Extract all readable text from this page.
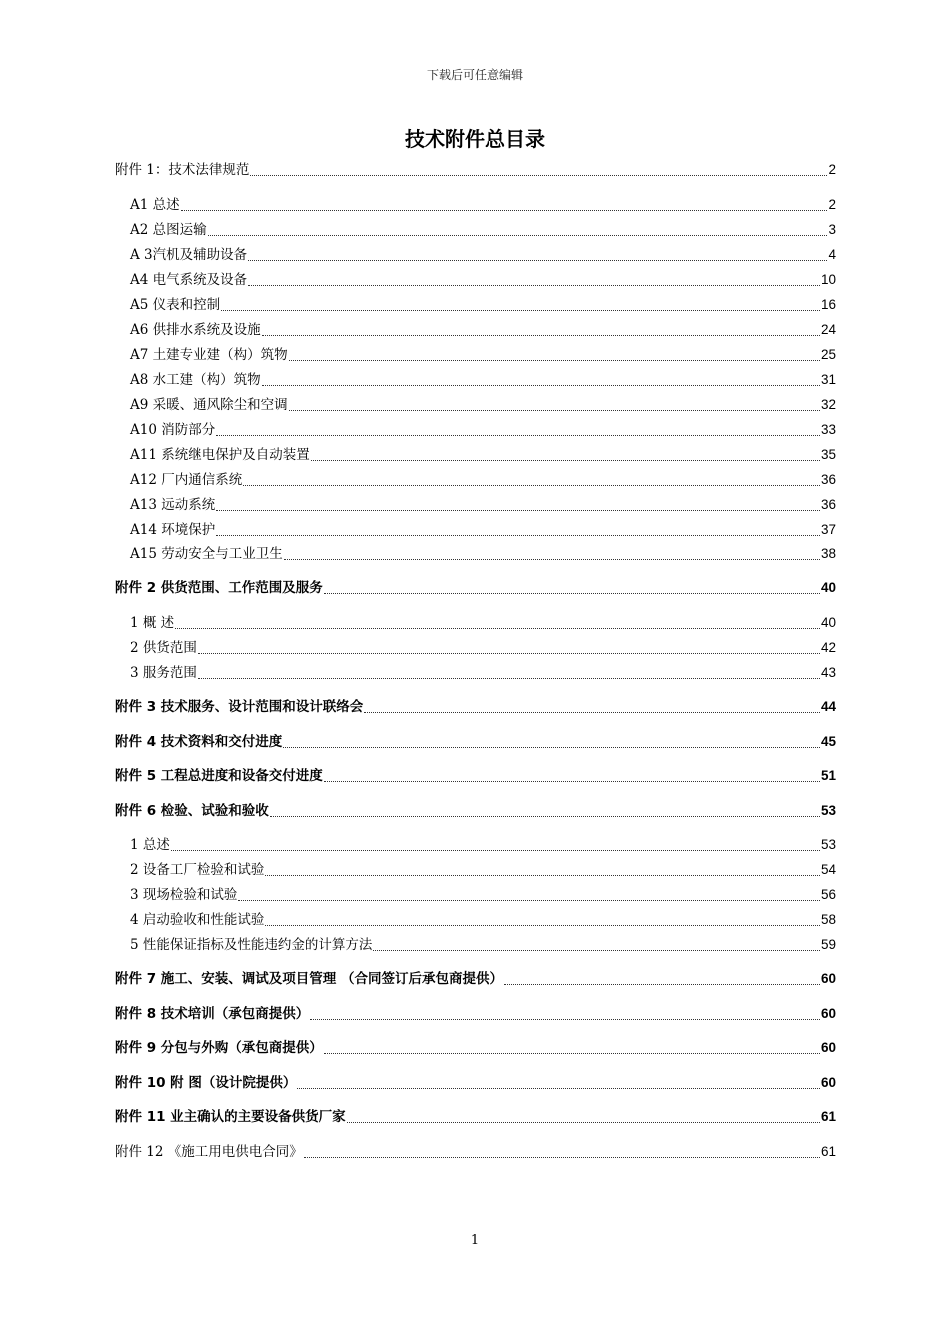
下载后可任意编辑
技术附件总目录
附件 1：技术法律规范	2
A1 总述	2
A2 总图运输	3
A 3汽机及辅助设备	4
A4 电气系统及设备	10
A5 仪表和控制	16
A6 供排水系统及设施	24
A7 土建专业建（构）筑物	25
A8 水工建（构）筑物	31
A9 采暖、通风除尘和空调	32
A10 消防部分	33
A11 系统继电保护及自动装置	35
A12 厂内通信系统	36
A13 远动系统	36
A14 环境保护	37
A15 劳动安全与工业卫生	38
附件 2 供货范围、工作范围及服务	40
1 概 述	40
2 供货范围	42
3 服务范围	43
附件 3 技术服务、设计范围和设计联络会	44
附件 4 技术资料和交付进度	45
附件 5 工程总进度和设备交付进度	51
附件 6 检验、试验和验收	53
1 总述	53
2 设备工厂检验和试验	54
3 现场检验和试验	56
4 启动验收和性能试验	58
5 性能保证指标及性能违约金的计算方法	59
附件 7 施工、安装、调试及项目管理 （合同签订后承包商提供）	60
附件 8 技术培训（承包商提供）	60
附件 9 分包与外购（承包商提供）	60
附件 10 附 图（设计院提供）	60
附件 11 业主确认的主要设备供货厂家	61
附件 12 《施工用电供电合同》	61
1
